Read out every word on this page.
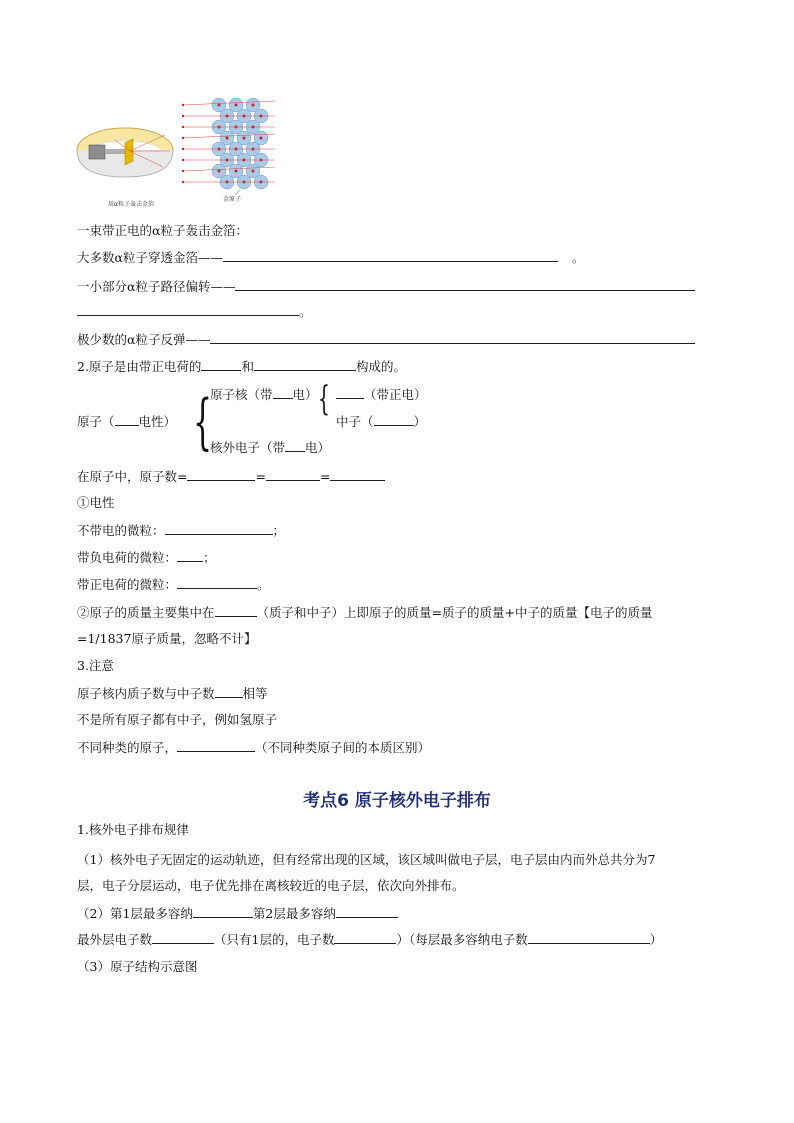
用α粒子轰击金箔
金原子
一束带正电的α粒子轰击金箔：
大多数α粒子穿透金箔——	。
一小部分α粒子路径偏转——
。
极少数的α粒子反弹——
2.原子是由带正电荷的	和	构成的。
原子（ 电性） {
原子核（带 电）
核外电子（带 电）
{	（带正电）
中子（	）
在原子中，原子数=	=	=
①电性
不带电的微粒：	；
带负电荷的微粒： ；
带正电荷的微粒：	。
②原子的质量主要集中在	（质子和中子）上即原子的质量=质子的质量+中子的质量【电子的质量
=1/1837原子质量，忽略不计】
3.注意
原子核内质子数与中子数 相等
不是所有原子都有中子，例如氢原子
不同种类的原子，	（不同种类原子间的本质区别）
考点6 原子核外电子排布
1.核外电子排布规律
（1）核外电子无固定的运动轨迹，但有经常出现的区域，该区域叫做电子层，电子层由内而外总共分为7
层，电子分层运动，电子优先排在离核较近的电子层，依次向外排布。
（2）第1层最多容纳	第2层最多容纳
最外层电子数	（只有1层的，电子数	）（每层最多容纳电子数	）
（3）原子结构示意图
